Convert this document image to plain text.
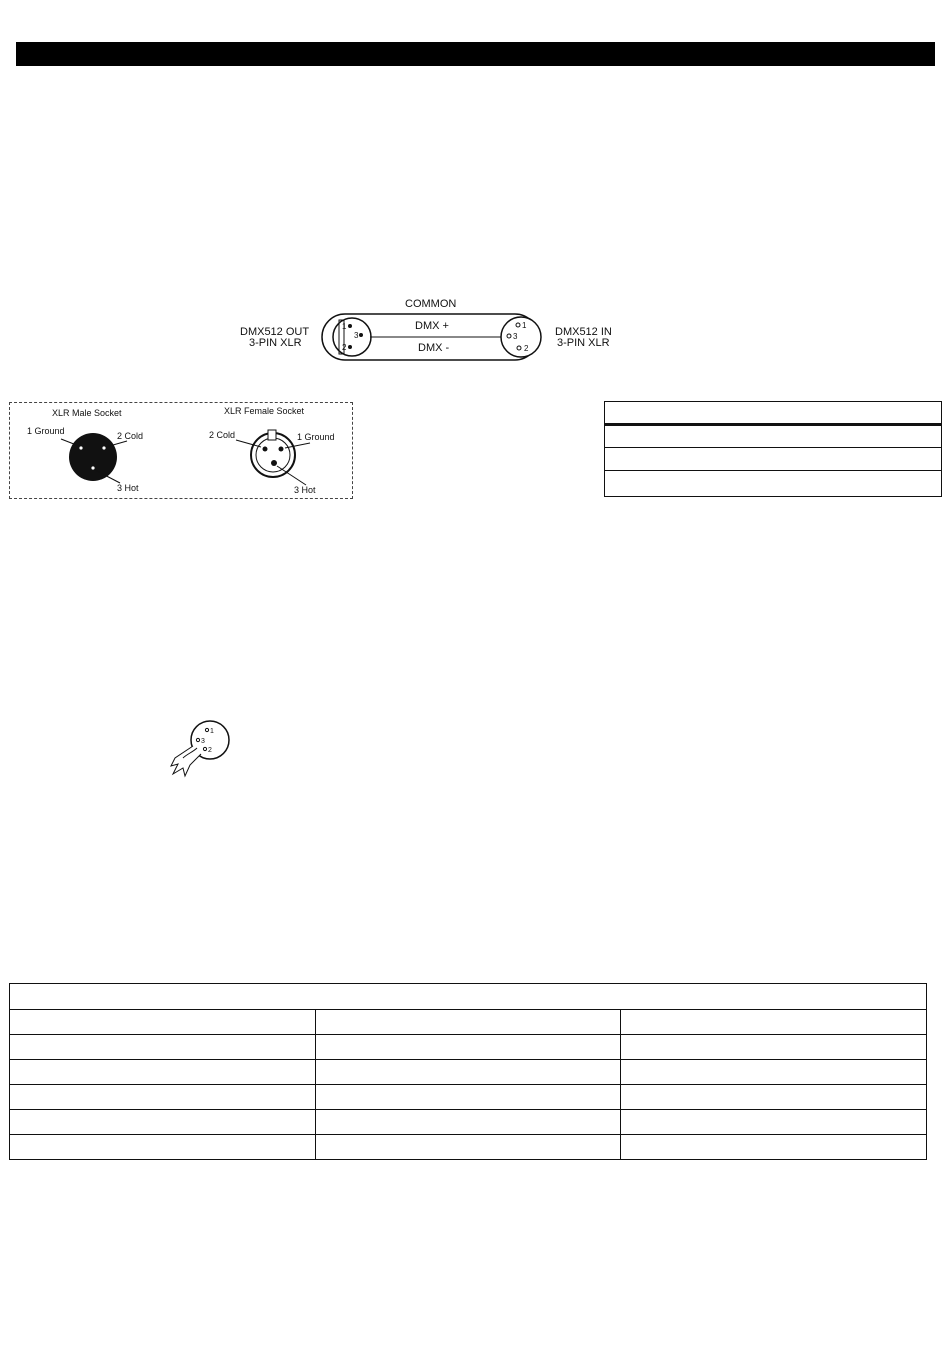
COMMON
DMX512 OUT
3-PIN XLR
DMX512 IN
3-PIN XLR
DMX +
DMX -
1
3
2
1
3
2
XLR Male Socket
1 Ground	2 Cold
3 Hot
XLR Female Socket
2 Cold	1 Ground
3 Hot

1
3
2
